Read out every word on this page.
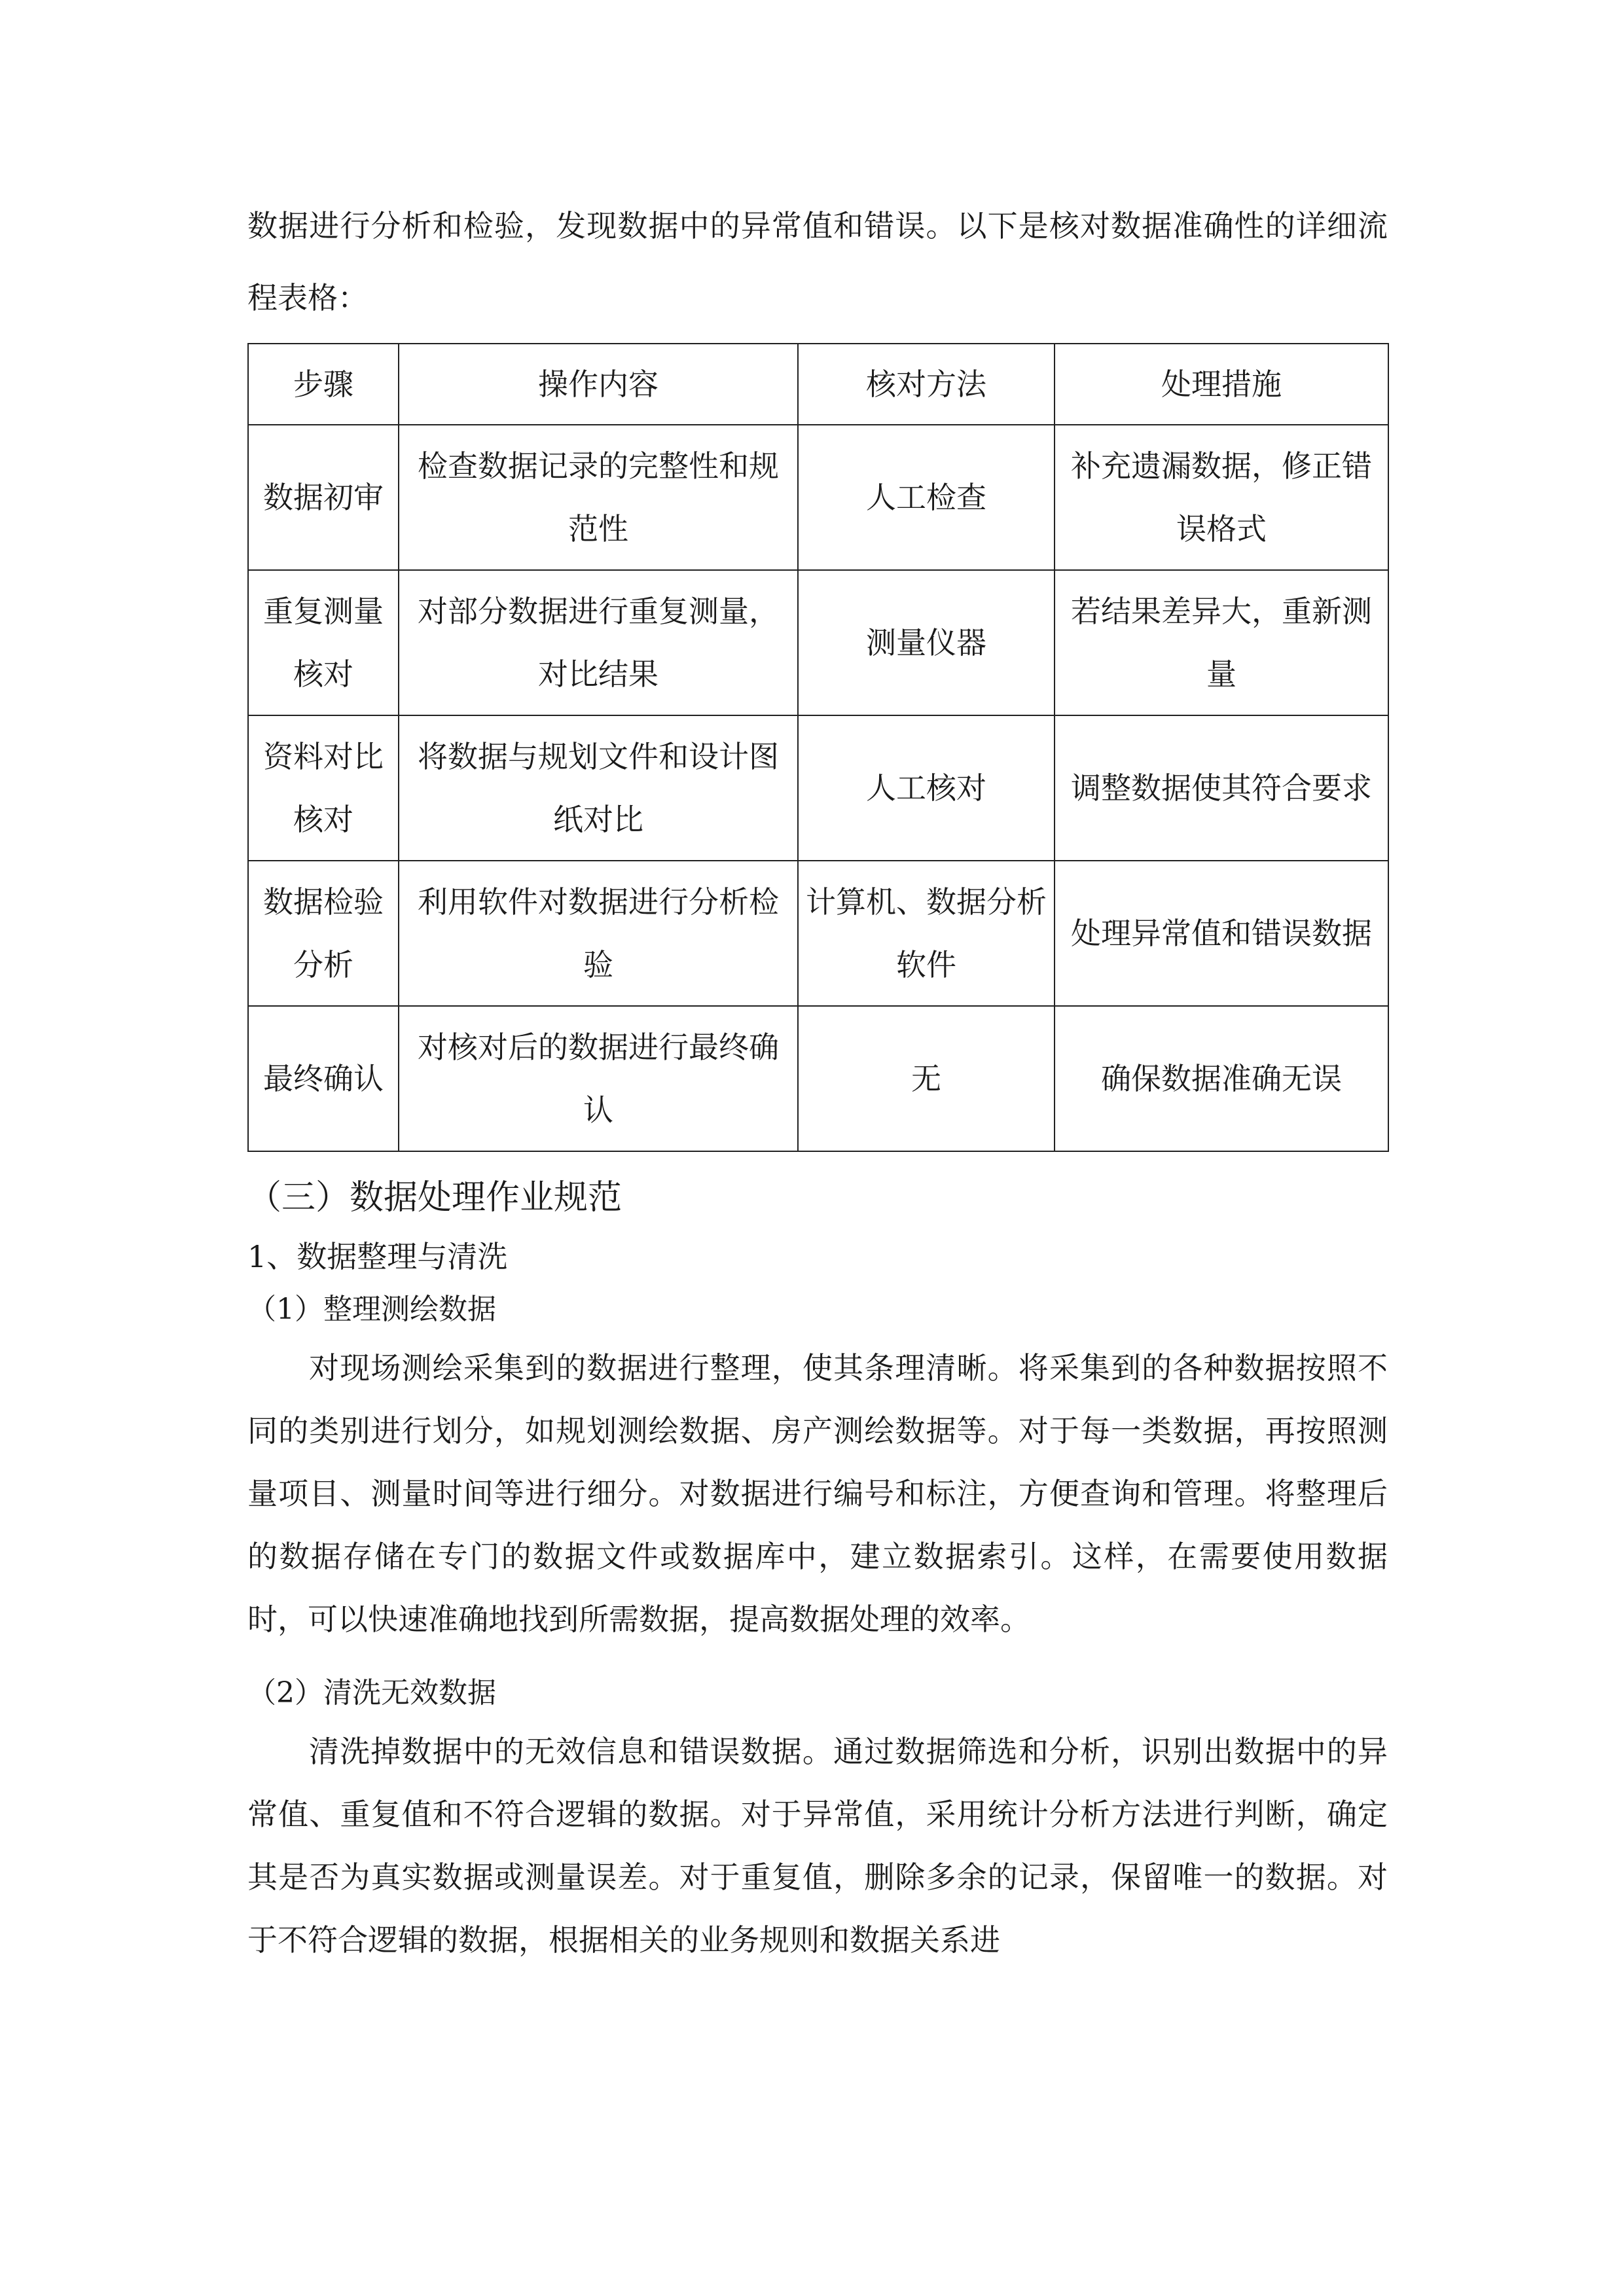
数据进行分析和检验，发现数据中的异常值和错误。以下是核对数据准确性的详细流程表格：

步骤	操作内容	核对方法	处理措施
数据初审	检查数据记录的完整性和规范性	人工检查	补充遗漏数据，修正错误格式
重复测量核对	对部分数据进行重复测量，对比结果	测量仪器	若结果差异大，重新测量
资料对比核对	将数据与规划文件和设计图纸对比	人工核对	调整数据使其符合要求
数据检验分析	利用软件对数据进行分析检验	计算机、数据分析软件	处理异常值和错误数据
最终确认	对核对后的数据进行最终确认	无	确保数据准确无误
（三）数据处理作业规范
1、数据整理与清洗
（1）整理测绘数据

对现场测绘采集到的数据进行整理，使其条理清晰。将采集到的各种数据按照不同的类别进行划分，如规划测绘数据、房产测绘数据等。对于每一类数据，再按照测量项目、测量时间等进行细分。对数据进行编号和标注，方便查询和管理。将整理后的数据存储在专门的数据文件或数据库中，建立数据索引。这样，在需要使用数据时，可以快速准确地找到所需数据，提高数据处理的效率。

（2）清洗无效数据

清洗掉数据中的无效信息和错误数据。通过数据筛选和分析，识别出数据中的异常值、重复值和不符合逻辑的数据。对于异常值，采用统计分析方法进行判断，确定其是否为真实数据或测量误差。对于重复值，删除多余的记录，保留唯一的数据。对于不符合逻辑的数据，根据相关的业务规则和数据关系进
